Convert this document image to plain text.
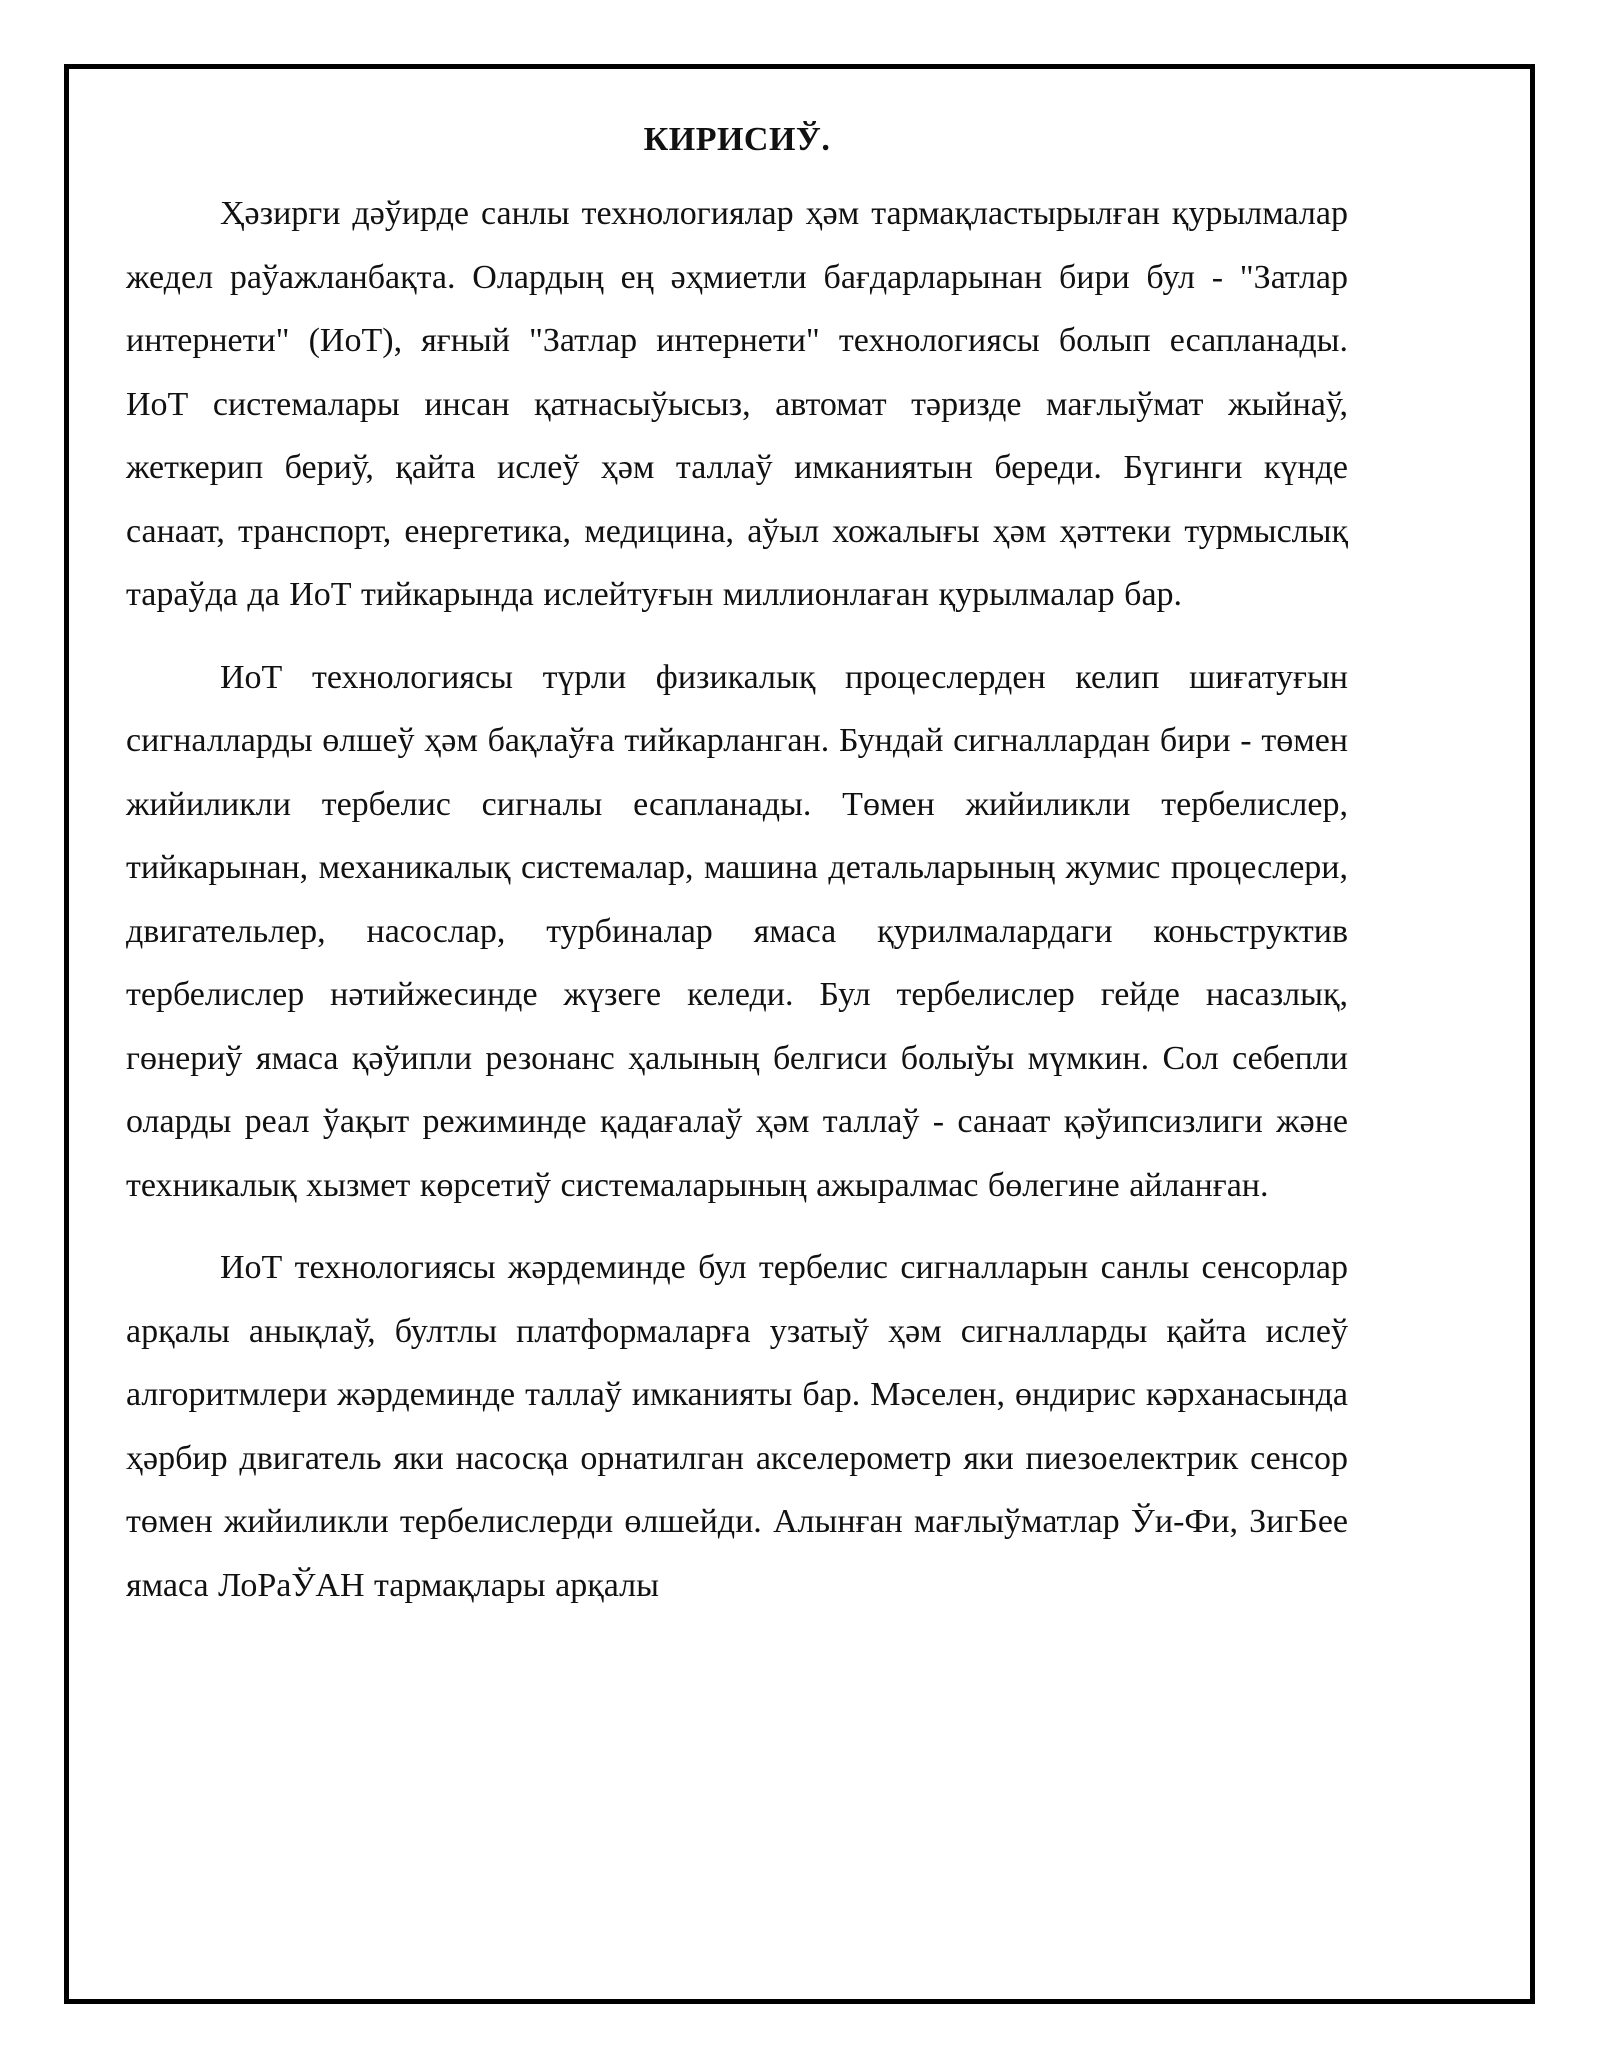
КИРИСИЎ.

Ҳәзирги дәўирде санлы технологиялар ҳәм тармақластырылған қурылмалар жедел раўажланбақта. Олардың ең әҳмиетли бағдарларынан бири бул - "Затлар интернети" (ИоТ), яғный "Затлар интернети" технологиясы болып есапланады. ИоТ системалары инсан қатнасыўысыз, автомат тәризде мағлыўмат жыйнаў, жеткерип бериў, қайта ислеў ҳәм таллаў имканиятын береди. Бүгинги күнде санаат, транспорт, енергетика, медицина, аўыл хожалығы ҳәм ҳәттеки турмыслық тараўда да ИоТ тийкарында ислейтуғын миллионлаған қурылмалар бар.

ИоТ технологиясы түрли физикалық процеслерден келип шиғатуғын сигналларды өлшеў ҳәм бақлаўға тийкарланган. Бундай сигналлардан бири - төмен жийиликли тербелис сигналы есапланады. Төмен жийиликли тербелислер, тийкарынан, механикалық системалар, машина детальларының жумис процеслери, двигательлер, насослар, турбиналар ямаса қурилмалардаги коньструктив тербелислер нәтийжесинде жүзеге келеди. Бул тербелислер гейде насазлық, гөнериў ямаса қәўипли резонанс ҳалының белгиси болыўы мүмкин. Сол себепли оларды реал ўақыт режиминде қадағалаў ҳәм таллаў - санаат қәўипсизлиги және техникалық хызмет көрсетиў системаларының ажыралмас бөлегине айланған.

ИоТ технологиясы жәрдеминде бул тербелис сигналларын санлы сенсорлар арқалы анықлаў, бултлы платформаларға узатыў ҳәм сигналларды қайта ислеў алгоритмлери жәрдеминде таллаў имканияты бар. Мәселен, өндирис кәрханасында ҳәрбир двигатель яки насосқа орнатилган акселерометр яки пиезоелектрик сенсор төмен жийиликли тербелислерди өлшейди. Алынған мағлыўматлар Ўи-Фи, ЗигБее ямаса ЛоРаЎАН тармақлары арқалы
